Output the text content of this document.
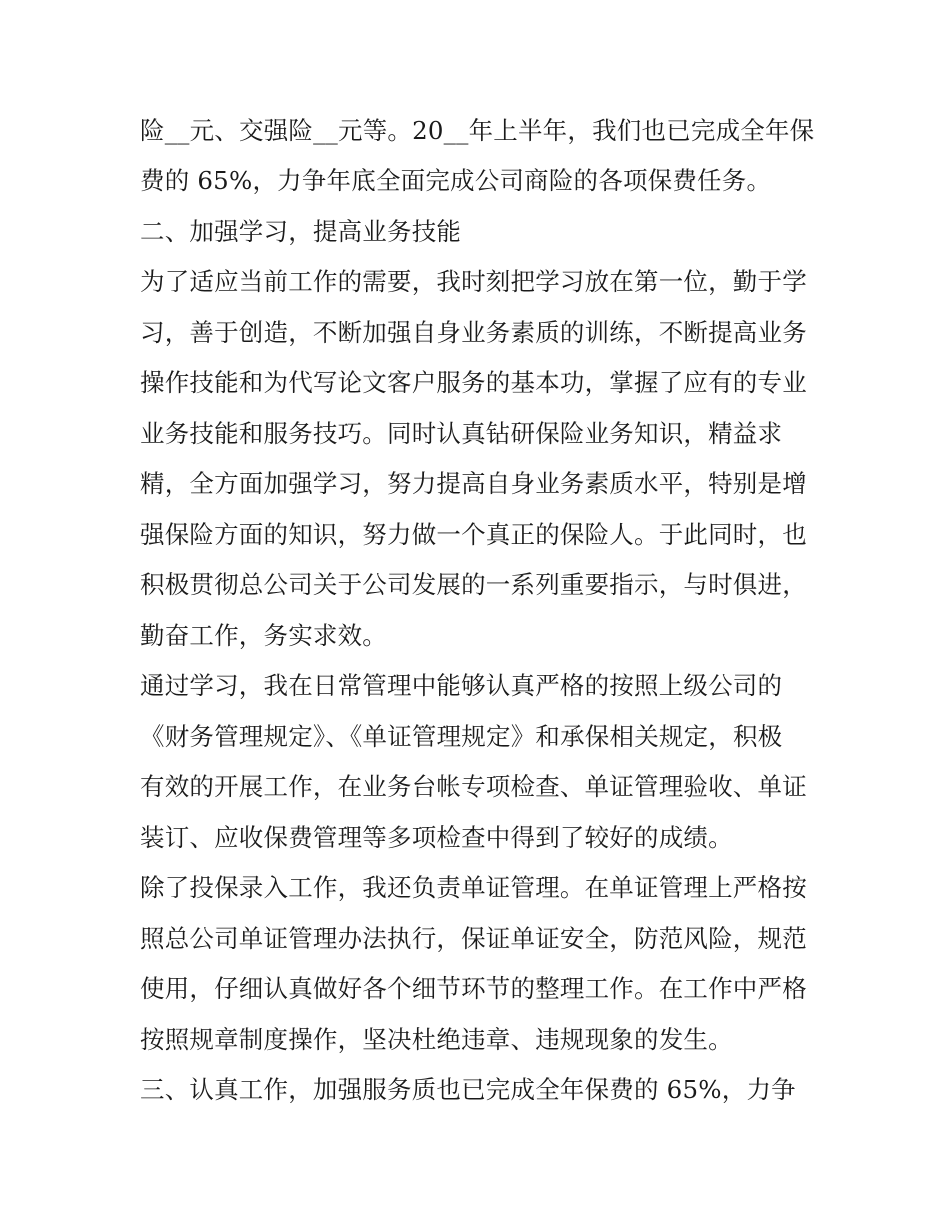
险__元、交强险__元等。20__年上半年，我们也已完成全年保
费的 65%，力争年底全面完成公司商险的各项保费任务。
二、加强学习，提高业务技能
为了适应当前工作的需要，我时刻把学习放在第一位，勤于学
习，善于创造，不断加强自身业务素质的训练，不断提高业务
操作技能和为代写论文客户服务的基本功，掌握了应有的专业
业务技能和服务技巧。同时认真钻研保险业务知识，精益求
精，全方面加强学习，努力提高自身业务素质水平，特别是增
强保险方面的知识，努力做一个真正的保险人。于此同时，也
积极贯彻总公司关于公司发展的一系列重要指示，与时俱进，
勤奋工作，务实求效。
通过学习，我在日常管理中能够认真严格的按照上级公司的
《财务管理规定》、《单证管理规定》和承保相关规定，积极
有效的开展工作，在业务台帐专项检查、单证管理验收、单证
装订、应收保费管理等多项检查中得到了较好的成绩。
除了投保录入工作，我还负责单证管理。在单证管理上严格按
照总公司单证管理办法执行，保证单证安全，防范风险，规范
使用，仔细认真做好各个细节环节的整理工作。在工作中严格
按照规章制度操作，坚决杜绝违章、违规现象的发生。
三、认真工作，加强服务质也已完成全年保费的 65%，力争
